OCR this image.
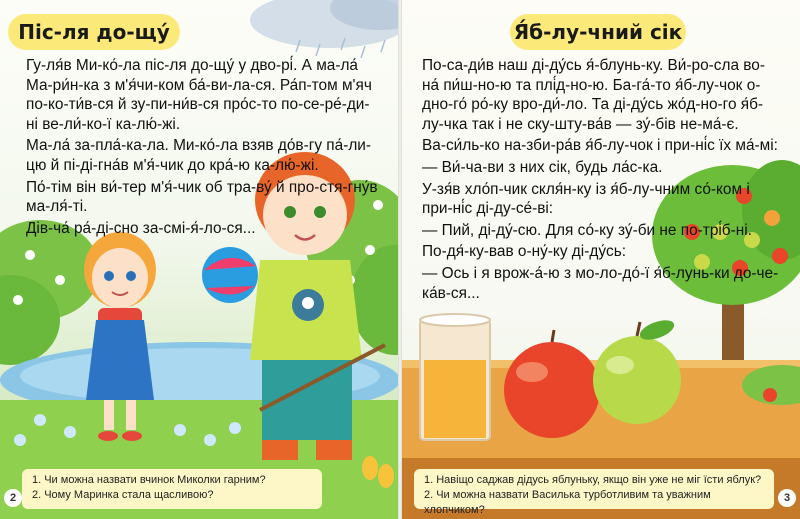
Піс-ля до-щу́

Гу-ля́в Ми-ко́-ла піс-ля до-щу́ у дво-рі́. А ма-ла́ Ма-ри́н-ка з м'я́чи-ком ба́-ви-ла-ся. Ра́п-том м'яч по-ко-ти́в-ся й зу-пи-ни́в-ся про́с-то по-се-ре́-ди-ні ве-ли́-ко-ї ка-лю́-жі.

Ма-ла́ за-пла́-ка-ла. Ми-ко́-ла взяв до́в-гу па́-ли-цю й пі-ді-гна́в м'я́-чик до кра́-ю ка-лю́-жі.

По́-тім він ви́-тер м'я́-чик об тра-ву́ й про-стя-гну́в ма-ля́-ті.

Дів-ча́ ра́-ді-сно за-смі-я́-ло-ся...

1. Чи можна назвати вчинок Миколки гарним?
2. Чому Маринка стала щасливою?
2
Я́б-лу-чний сік

По-са-ди́в наш ді-ду́сь я́-блунь-ку. Ви́-ро-сла во-на́ пи́ш-но-ю та плі́д-но-ю. Ба-га́-то я́б-лу-чок о-дно-го́ ро́-ку вро-ди́-ло. Та ді-ду́сь жо́д-но-го я́б-лу-чка так і не ску-шту-ва́в — зу́-бів не-ма́-є.

Ва-си́ль-ко на-зби-ра́в я́б-лу-чок і при-ні́с їх ма́-мі:

— Ви́-ча-ви з них сік, будь ла́с-ка.

У-зя́в хло́п-чик скля́н-ку із я́б-лу-чним со́-ком і при-ні́с ді-ду-се́-ві:

— Пий, ді-ду́-сю. Для со́-ку зу́-би не по-трі́б-ні.

По-дя́-ку-вав о-ну́-ку ді-ду́сь:

— Ось і я врож-а́-ю з мо-ло-до́-ї я́б-лунь-ки до-че-ка́в-ся...

1. Навіщо саджав дідусь яблуньку, якщо він уже не міг їсти яблук?
2. Чи можна назвати Василька турботливим та уважним хлопчиком?
3
